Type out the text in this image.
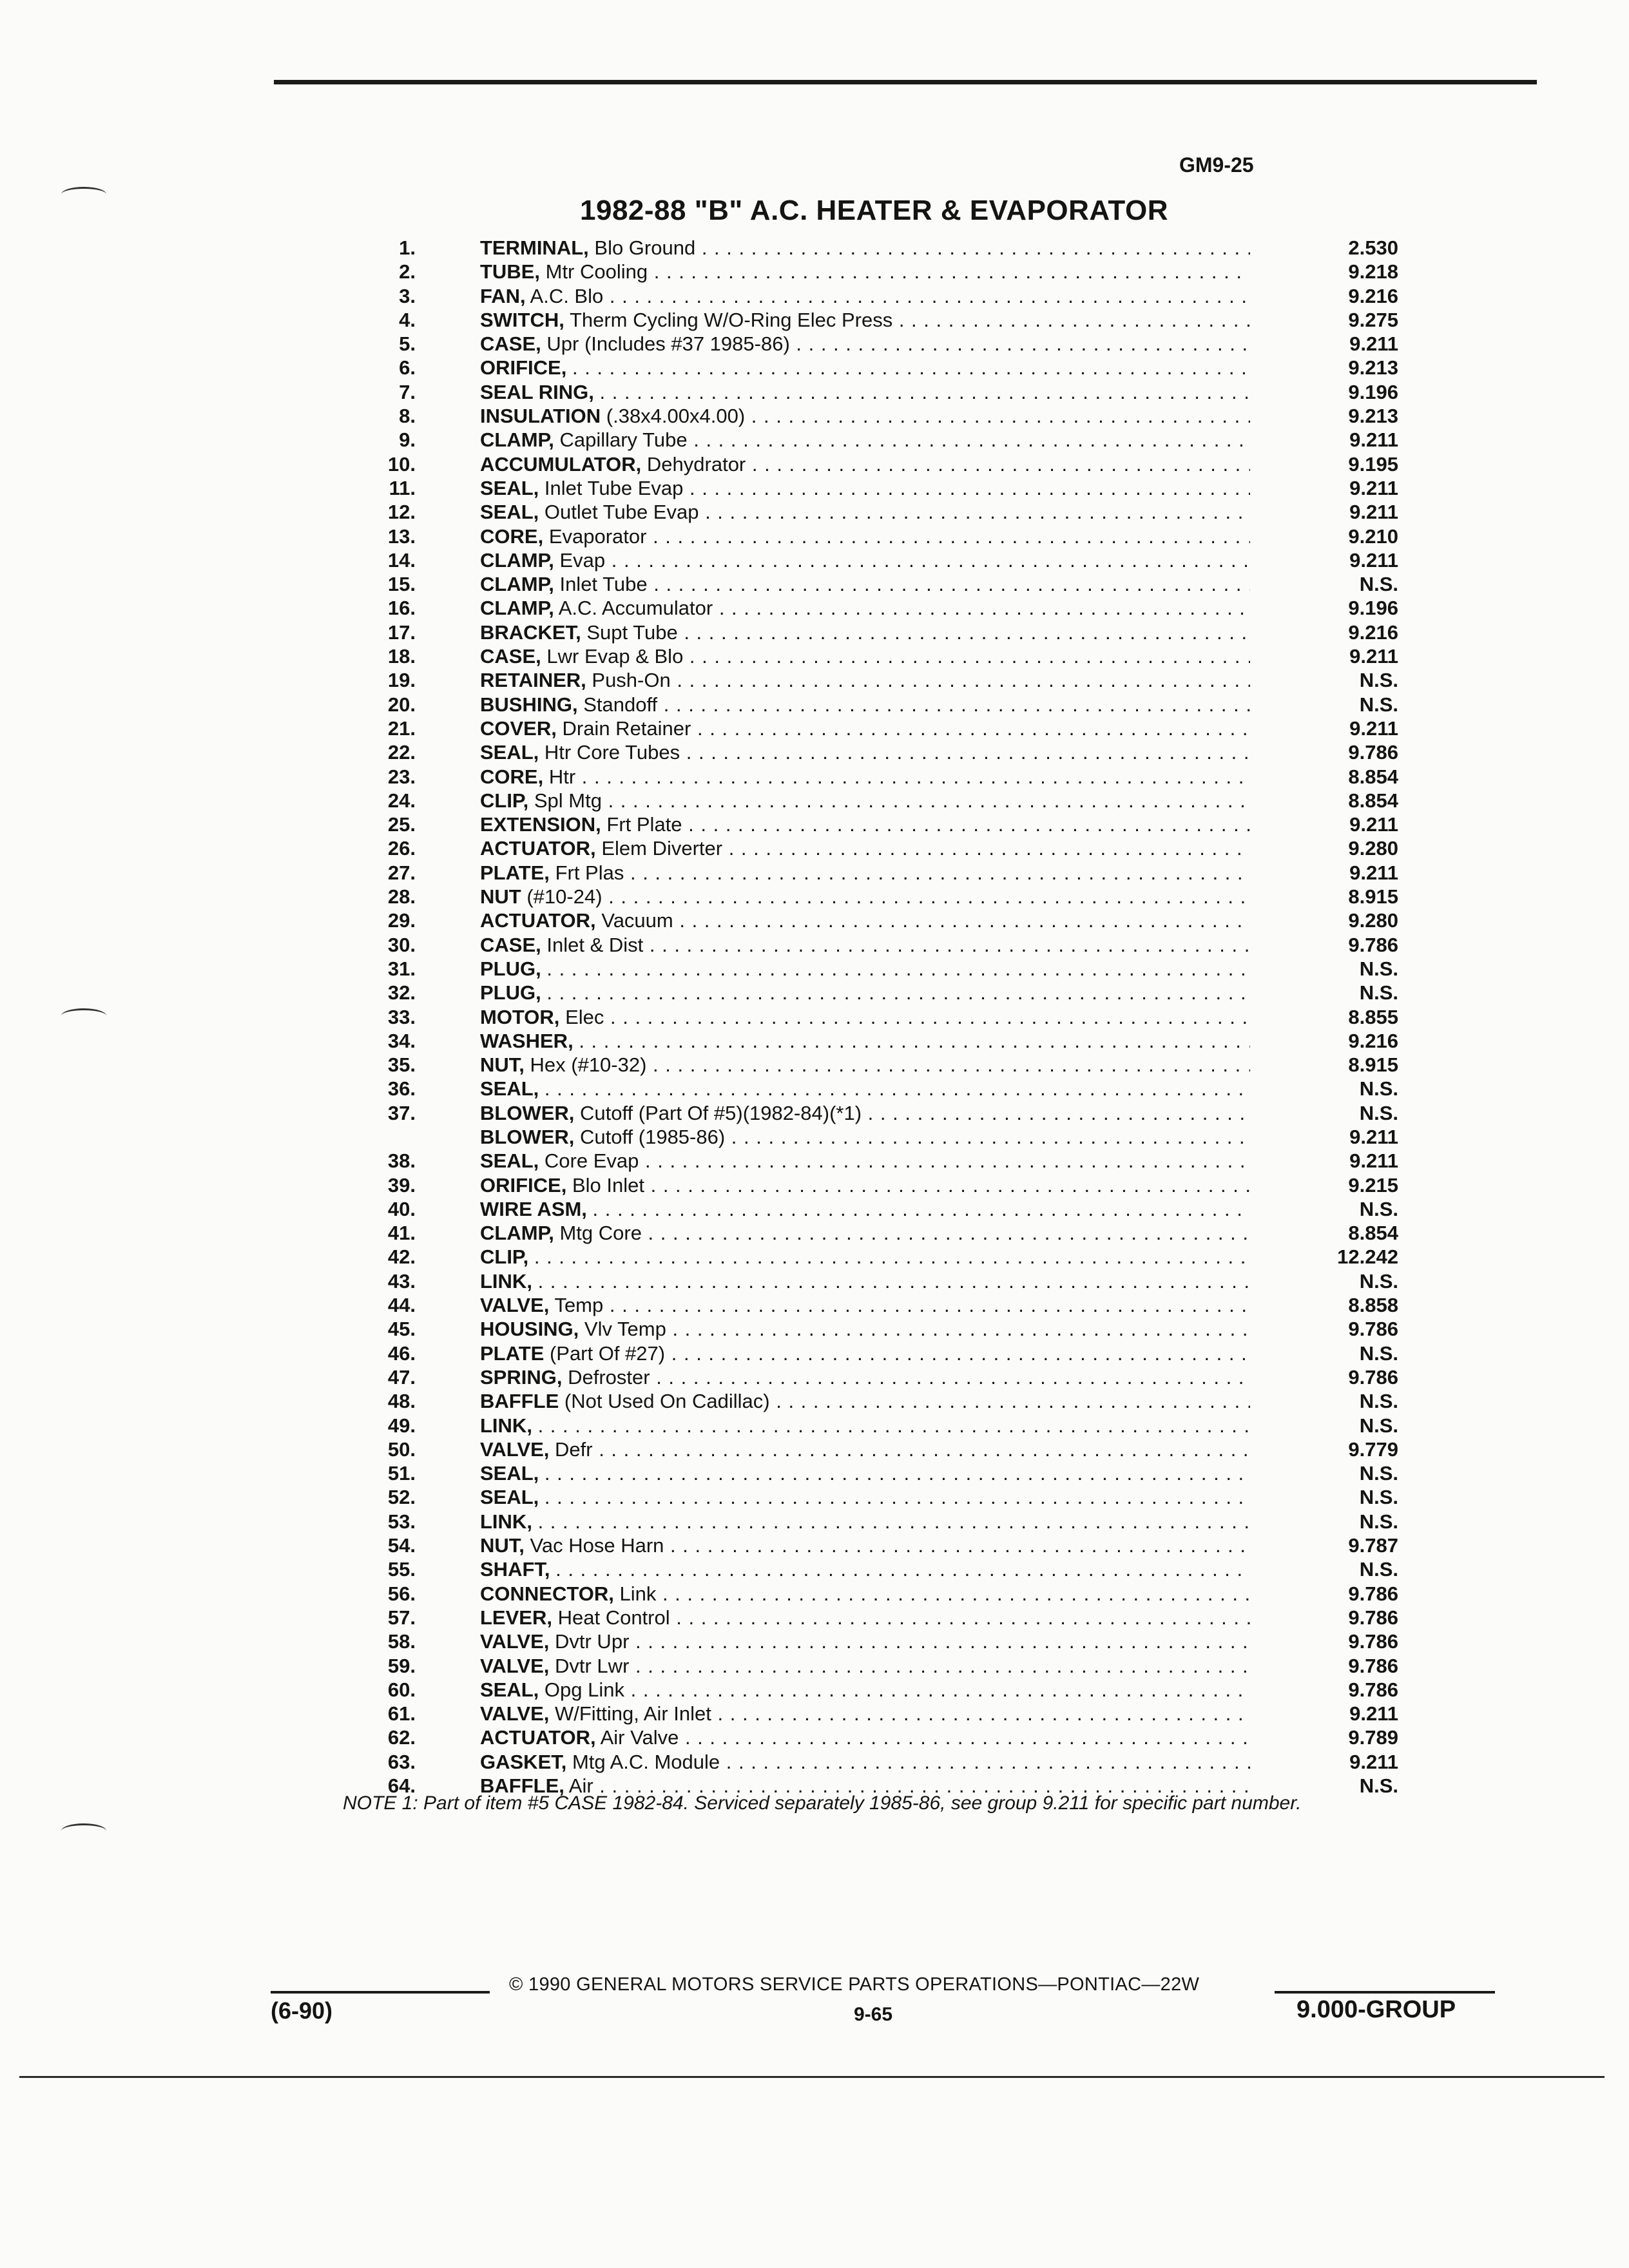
GM9-25
1982-88 "B" A.C. HEATER & EVAPORATOR
1.	TERMINAL, Blo Ground . . .	2.530
2.	TUBE, Mtr Cooling . . .	9.218
3.	FAN, A.C. Blo . . .	9.216
4.	SWITCH, Therm Cycling W/O-Ring Elec Press . . .	9.275
5.	CASE, Upr (Includes #37 1985-86) . . .	9.211
6.	ORIFICE, . . .	9.213
7.	SEAL RING, . . .	9.196
8.	INSULATION (.38x4.00x4.00) . . .	9.213
9.	CLAMP, Capillary Tube . . .	9.211
10.	ACCUMULATOR, Dehydrator . . .	9.195
11.	SEAL, Inlet Tube Evap . . .	9.211
12.	SEAL, Outlet Tube Evap . . .	9.211
13.	CORE, Evaporator . . .	9.210
14.	CLAMP, Evap . . .	9.211
15.	CLAMP, Inlet Tube . . .	N.S.
16.	CLAMP, A.C. Accumulator . . .	9.196
17.	BRACKET, Supt Tube . . .	9.216
18.	CASE, Lwr Evap & Blo . . .	9.211
19.	RETAINER, Push-On . . .	N.S.
20.	BUSHING, Standoff . . .	N.S.
21.	COVER, Drain Retainer . . .	9.211
22.	SEAL, Htr Core Tubes . . .	9.786
23.	CORE, Htr . . .	8.854
24.	CLIP, Spl Mtg . . .	8.854
25.	EXTENSION, Frt Plate . . .	9.211
26.	ACTUATOR, Elem Diverter . . .	9.280
27.	PLATE, Frt Plas . . .	9.211
28.	NUT (#10-24) . . .	8.915
29.	ACTUATOR, Vacuum . . .	9.280
30.	CASE, Inlet & Dist . . .	9.786
31.	PLUG, . . .	N.S.
32.	PLUG, . . .	N.S.
33.	MOTOR, Elec . . .	8.855
34.	WASHER, . . .	9.216
35.	NUT, Hex (#10-32) . . .	8.915
36.	SEAL, . . .	N.S.
37.	BLOWER, Cutoff (Part Of #5)(1982-84)(*1) . . .	N.S.
BLOWER, Cutoff (1985-86) . . .	9.211
38.	SEAL, Core Evap . . .	9.211
39.	ORIFICE, Blo Inlet . . .	9.215
40.	WIRE ASM, . . .	N.S.
41.	CLAMP, Mtg Core . . .	8.854
42.	CLIP, . . .	12.242
43.	LINK, . . .	N.S.
44.	VALVE, Temp . . .	8.858
45.	HOUSING, Vlv Temp . . .	9.786
46.	PLATE (Part Of #27) . . .	N.S.
47.	SPRING, Defroster . . .	9.786
48.	BAFFLE (Not Used On Cadillac) . . .	N.S.
49.	LINK, . . .	N.S.
50.	VALVE, Defr . . .	9.779
51.	SEAL, . . .	N.S.
52.	SEAL, . . .	N.S.
53.	LINK, . . .	N.S.
54.	NUT, Vac Hose Harn . . .	9.787
55.	SHAFT, . . .	N.S.
56.	CONNECTOR, Link . . .	9.786
57.	LEVER, Heat Control . . .	9.786
58.	VALVE, Dvtr Upr . . .	9.786
59.	VALVE, Dvtr Lwr . . .	9.786
60.	SEAL, Opg Link . . .	9.786
61.	VALVE, W/Fitting, Air Inlet . . .	9.211
62.	ACTUATOR, Air Valve . . .	9.789
63.	GASKET, Mtg A.C. Module . . .	9.211
64.	BAFFLE, Air . . .	N.S.
NOTE 1: Part of item #5 CASE 1982-84. Serviced separately 1985-86, see group 9.211 for specific part number.
© 1990 GENERAL MOTORS SERVICE PARTS OPERATIONS—PONTIAC—22W
(6-90)	9-65	9.000-GROUP
